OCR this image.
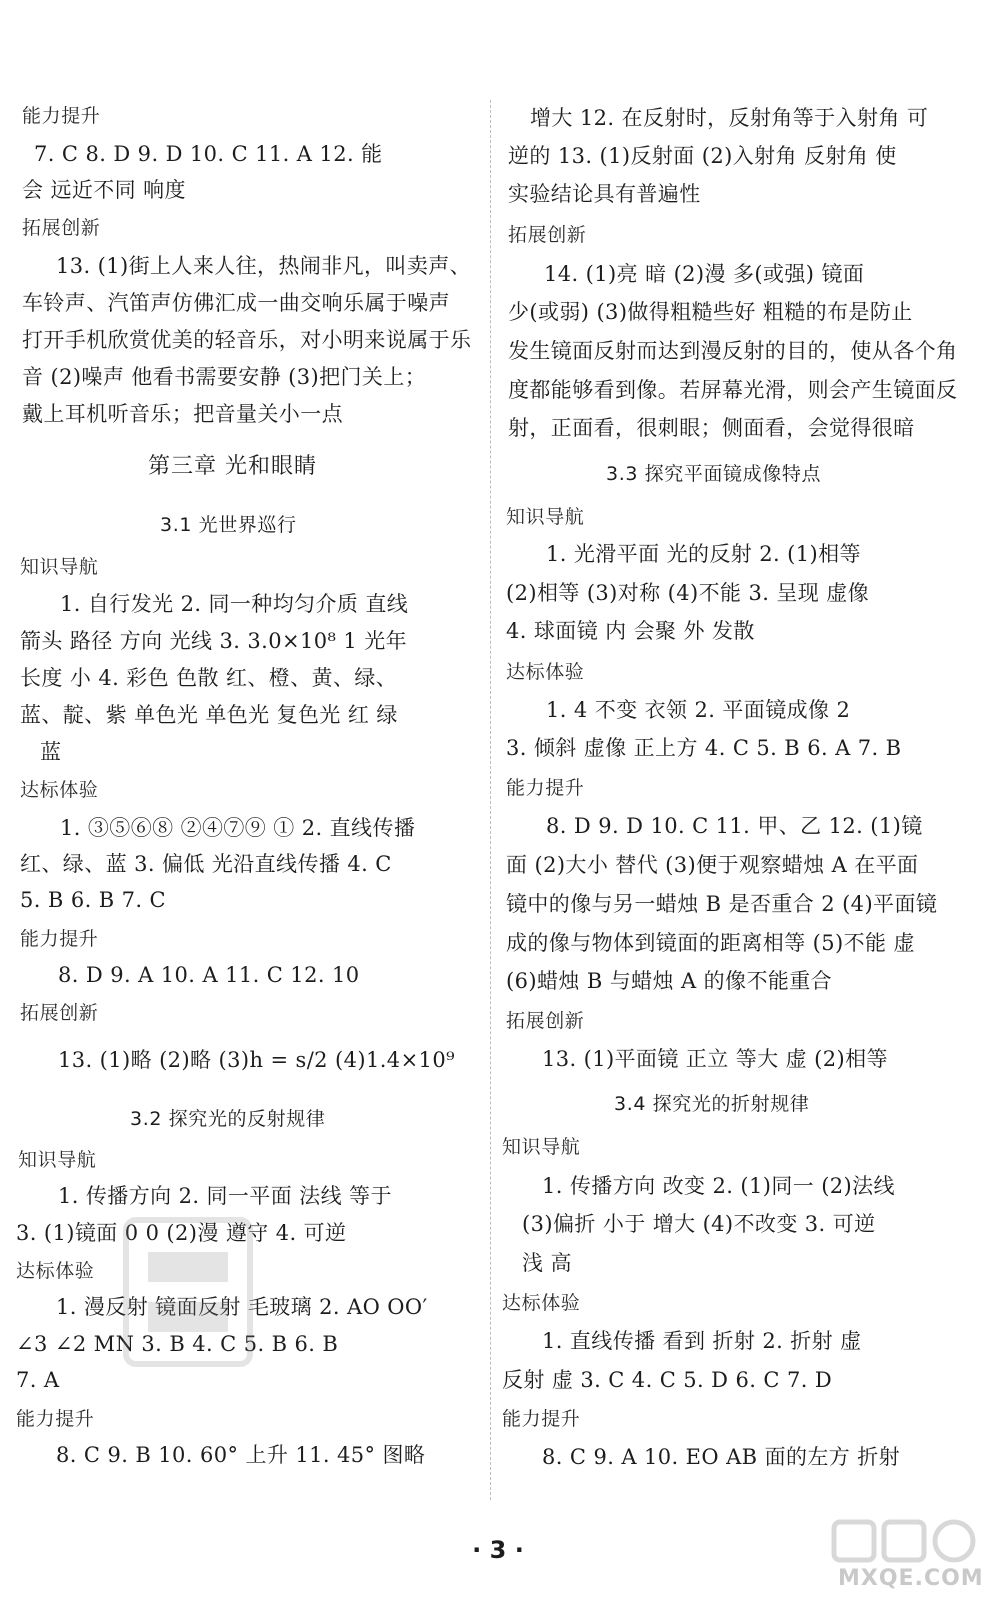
能力提升
7. C 8. D 9. D 10. C 11. A 12. 能
会 远近不同 响度
拓展创新
13. (1)街上人来人往，热闹非凡，叫卖声、
车铃声、汽笛声仿佛汇成一曲交响乐属于噪声
打开手机欣赏优美的轻音乐，对小明来说属于乐
音 (2)噪声 他看书需要安静 (3)把门关上；
戴上耳机听音乐；把音量关小一点
第三章 光和眼睛
3.1 光世界巡行
知识导航
1. 自行发光 2. 同一种均匀介质 直线
箭头 路径 方向 光线 3. 3.0×10⁸ 1 光年
长度 小 4. 彩色 色散 红、橙、黄、绿、
蓝、靛、紫 单色光 单色光 复色光 红 绿
蓝
达标体验
1. ③⑤⑥⑧ ②④⑦⑨ ① 2. 直线传播
红、绿、蓝 3. 偏低 光沿直线传播 4. C
5. B 6. B 7. C
能力提升
8. D 9. A 10. A 11. C 12. 10
拓展创新
13. (1)略 (2)略 (3)h = s/2 (4)1.4×10⁹
3.2 探究光的反射规律
知识导航
1. 传播方向 2. 同一平面 法线 等于
3. (1)镜面 0 0 (2)漫 遵守 4. 可逆
达标体验
1. 漫反射 镜面反射 毛玻璃 2. AO OO′
∠3 ∠2 MN 3. B 4. C 5. B 6. B
7. A
能力提升
8. C 9. B 10. 60° 上升 11. 45° 图略
增大 12. 在反射时，反射角等于入射角 可
逆的 13. (1)反射面 (2)入射角 反射角 使
实验结论具有普遍性
拓展创新
14. (1)亮 暗 (2)漫 多(或强) 镜面
少(或弱) (3)做得粗糙些好 粗糙的布是防止
发生镜面反射而达到漫反射的目的，使从各个角
度都能够看到像。若屏幕光滑，则会产生镜面反
射，正面看，很刺眼；侧面看，会觉得很暗
3.3 探究平面镜成像特点
知识导航
1. 光滑平面 光的反射 2. (1)相等
(2)相等 (3)对称 (4)不能 3. 呈现 虚像
4. 球面镜 内 会聚 外 发散
达标体验
1. 4 不变 衣领 2. 平面镜成像 2
3. 倾斜 虚像 正上方 4. C 5. B 6. A 7. B
能力提升
8. D 9. D 10. C 11. 甲、乙 12. (1)镜
面 (2)大小 替代 (3)便于观察蜡烛 A 在平面
镜中的像与另一蜡烛 B 是否重合 2 (4)平面镜
成的像与物体到镜面的距离相等 (5)不能 虚
(6)蜡烛 B 与蜡烛 A 的像不能重合
拓展创新
13. (1)平面镜 正立 等大 虚 (2)相等
3.4 探究光的折射规律
知识导航
1. 传播方向 改变 2. (1)同一 (2)法线
(3)偏折 小于 增大 (4)不改变 3. 可逆
浅 高
达标体验
1. 直线传播 看到 折射 2. 折射 虚
反射 虚 3. C 4. C 5. D 6. C 7. D
能力提升
8. C 9. A 10. EO AB 面的左方 折射
· 3 ·
MXQE.COM
